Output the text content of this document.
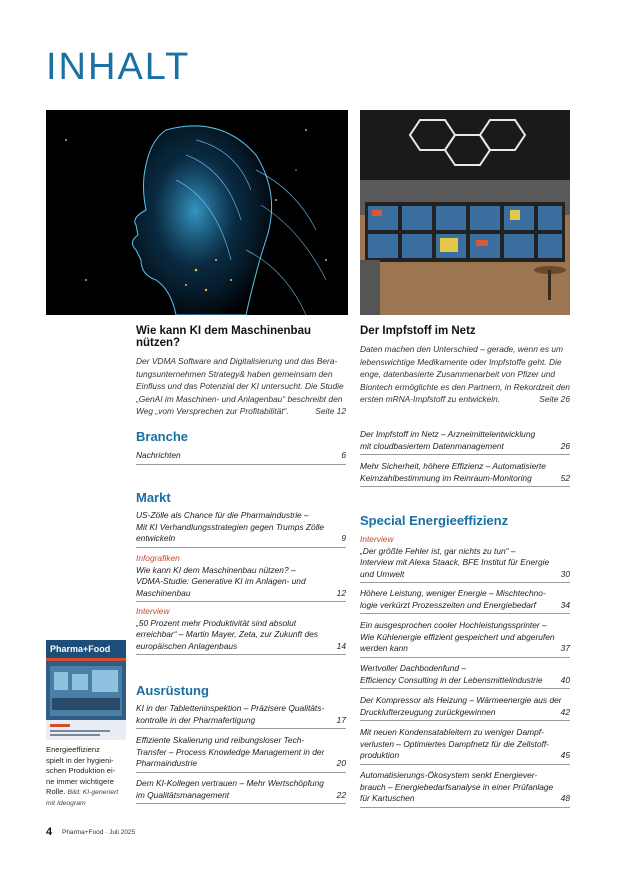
INHALT
Wie kann KI dem Maschinenbau nützen?
Der VDMA Software and Digitalisierung und das Bera-
tungsunternehmen Strategy& haben gemeinsam den
Einfluss und das Potenzial der KI untersucht. Die Studie
„GenAI im Maschinen- und Anlagenbau“ beschreibt den
Weg „vom Versprechen zur Profitabilität“.	Seite 12
Der Impfstoff im Netz
Daten machen den Unterschied – gerade, wenn es um
lebenswichtige Medikamente oder Impfstoffe geht. Die
enge, datenbasierte Zusammenarbeit von Pfizer und
Biontech ermöglichte es den Partnern, in Rekordzeit den
ersten mRNA-Impfstoff zu entwickeln.	Seite 26
Branche
Nachrichten	6
Markt
US-Zölle als Chance für die Pharmaindustrie –
Mit KI Verhandlungsstrategien gegen Trumps Zölle
entwickeln	9
Infografiken
Wie kann KI dem Maschinenbau nützen? –
VDMA-Studie: Generative KI im Anlagen- und
Maschinenbau	12
Interview
„50 Prozent mehr Produktivität sind absolut
erreichbar“ – Martin Mayer, Zeta, zur Zukunft des
europäischen Anlagenbaus	14
Ausrüstung
KI in der Tabletteninspektion – Präzisere Qualitäts-
kontrolle in der Pharmafertigung	17
Effiziente Skalierung und reibungsloser Tech-
Transfer – Process Knowledge Management in der
Pharmaindustrie	20
Dem KI-Kollegen vertrauen – Mehr Wertschöpfung
im Qualitätsmanagement	22
Der Impfstoff im Netz – Arzneimittelentwicklung
mit cloudbasiertem Datenmanagement	26
Mehr Sicherheit, höhere Effizienz – Automatisierte
Keimzahlbestimmung im Reinraum-Monitoring	52
Special Energieeffizienz
Interview
„Der größte Fehler ist, gar nichts zu tun“ –
Interview mit Alexa Staack, BFE Institut für Energie
und Umwelt	30
Höhere Leistung, weniger Energie – Mischtechno-
logie verkürzt Prozesszeiten und Energiebedarf	34
Ein ausgesprochen cooler Hochleistungssprinter –
Wie Kühlenergie effizient gespeichert und abgerufen
werden kann	37
Wertvoller Dachbodenfund –
Efficiency Consulting in der Lebensmittelindustrie	40
Der Kompressor als Heizung – Wärmeenergie aus der
Drucklufterzeugung zurückgewinnen	42
Mit neuen Kondensatableitern zu weniger Dampf-
verlusten – Optimiertes Dampfnetz für die Zellstoff-
produktion	45
Automatisierungs-Ökosystem senkt Energiever-
brauch – Energiebedarfsanalyse in einer Prüfanlage
für Kartuschen	48
Pharma+Food
Energieeffizienz
spielt in der hygieni-
schen Produktion ei-
ne immer wichtigere
Rolle. Bild: KI-generiert
mit Ideogram
4 Pharma+Food · Juli 2025
